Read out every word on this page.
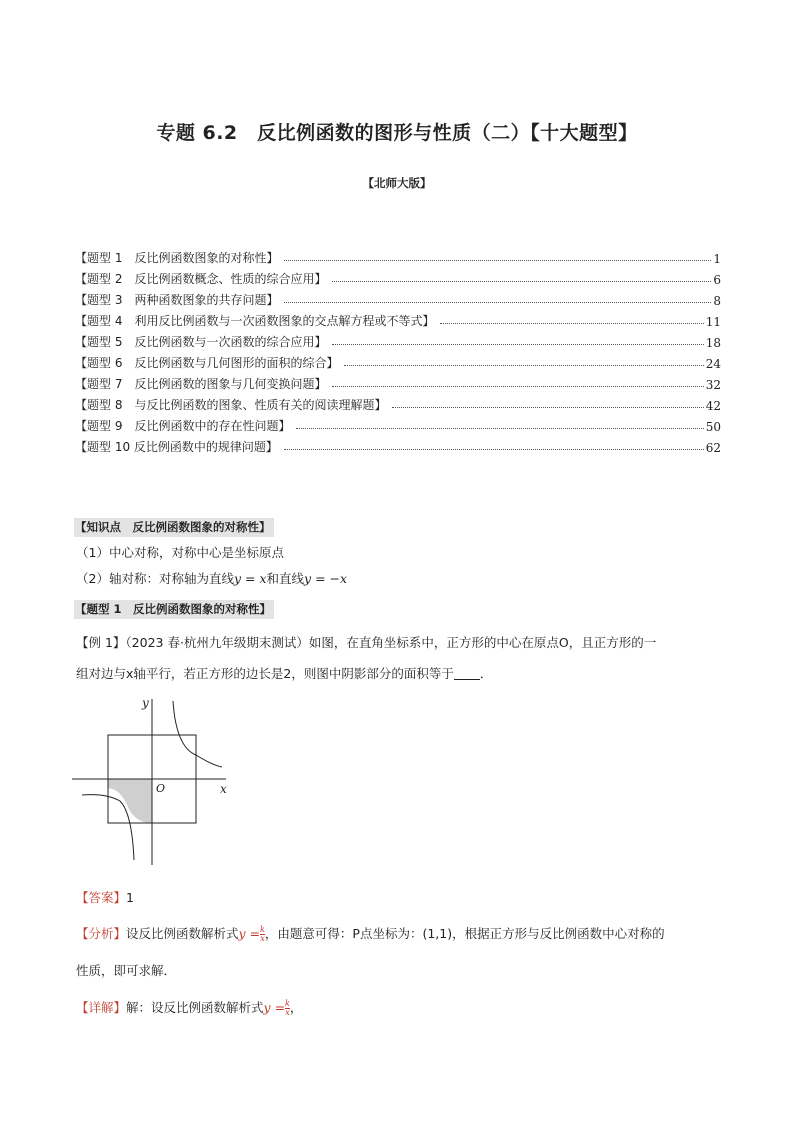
专题 6.2　反比例函数的图形与性质（二）【十大题型】
【北师大版】
【题型 1　反比例函数图象的对称性】	1
【题型 2　反比例函数概念、性质的综合应用】	6
【题型 3　两种函数图象的共存问题】	8
【题型 4　利用反比例函数与一次函数图象的交点解方程或不等式】	11
【题型 5　反比例函数与一次函数的综合应用】	18
【题型 6　反比例函数与几何图形的面积的综合】	24
【题型 7　反比例函数的图象与几何变换问题】	32
【题型 8　与反比例函数的图象、性质有关的阅读理解题】	42
【题型 9　反比例函数中的存在性问题】	50
【题型 10 反比例函数中的规律问题】	62
【知识点　反比例函数图象的对称性】
（1）中心对称，对称中心是坐标原点
（2）轴对称：对称轴为直线y = x和直线y = −x
【题型 1　反比例函数图象的对称性】
【例 1】（2023 春·杭州九年级期末测试）如图，在直角坐标系中，正方形的中心在原点O，且正方形的一
组对边与x轴平行，若正方形的边长是2，则图中阴影部分的面积等于 ．
y
x
O
【答案】1
【分析】设反比例函数解析式$y = \frac{k}{x}$ ，由题意可得：P点坐标为：(1,1)，根据正方形与反比例函数中心对称的
性质，即可求解．
【详解】解：设反比例函数解析式$y = \frac{k}{x}$ ，
